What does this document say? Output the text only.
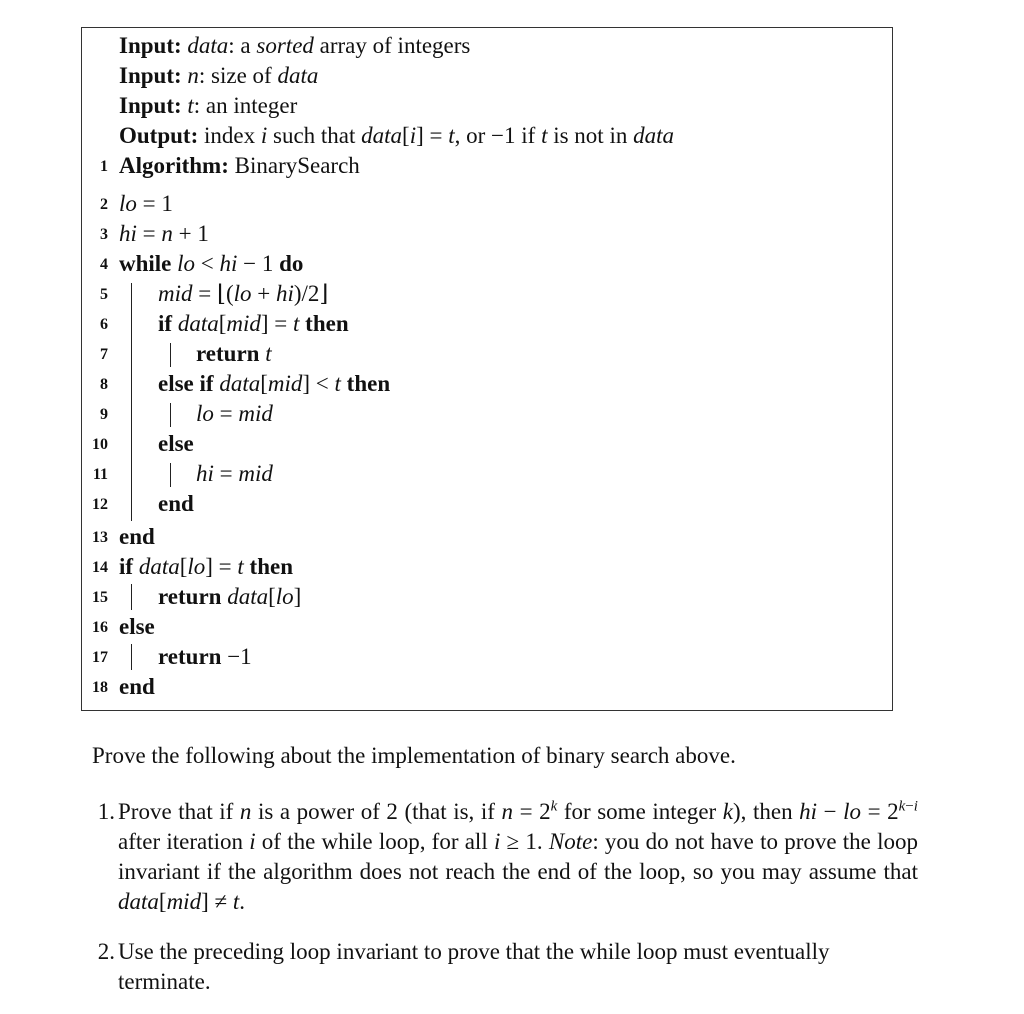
Input: data: a sorted array of integers
Input: n: size of data
Input: t: an integer
Output: index i such that data[i] = t, or −1 if t is not in data
1 Algorithm: BinarySearch
2 lo = 1
3 hi = n + 1
4 while lo < hi − 1 do
5 mid = ⌊(lo + hi)/2⌋
6 if data[mid] = t then
7	return t
8 else if data[mid] < t then
9	lo = mid
10 else
11	hi = mid
12 end
13 end
14 if data[lo] = t then
15 return data[lo]
16 else
17 return −1
18 end
Prove the following about the implementation of binary search above.
1. Prove that if n is a power of 2 (that is, if $n = 2^k$ for some integer k), then hi − lo = $2^{k-i}$ after iteration i of the while loop, for all i ≥ 1. Note: you do not have to prove the loop invariant if the algorithm does not reach the end of the loop, so you may assume that data[mid] ≠ t.
2. Use the preceding loop invariant to prove that the while loop must eventually terminate.
